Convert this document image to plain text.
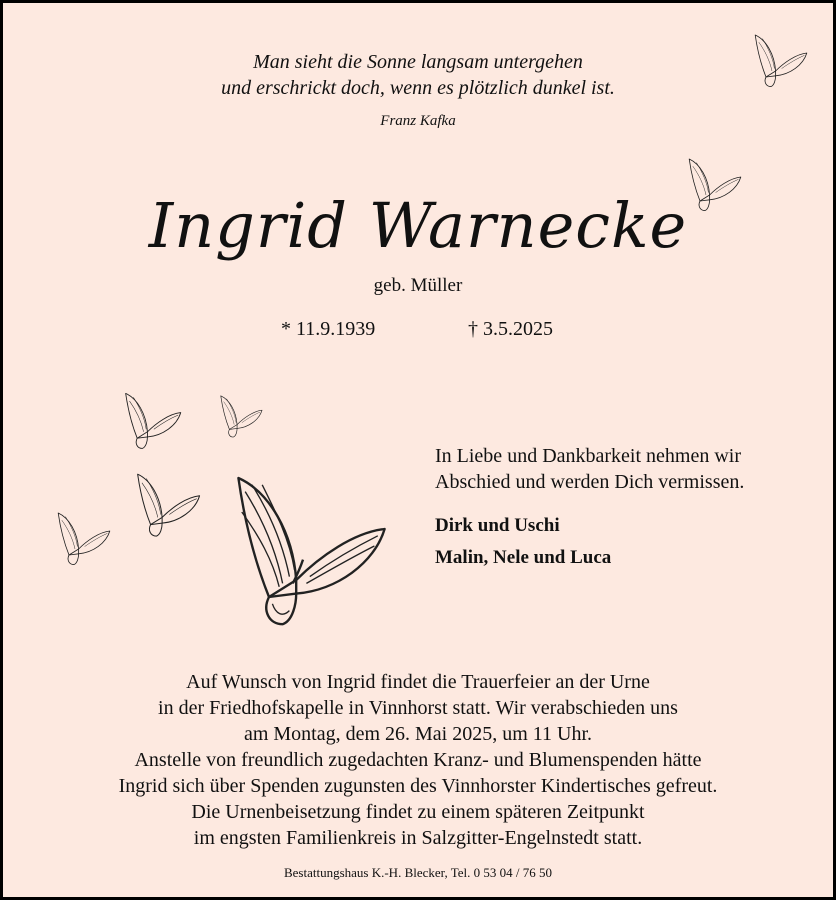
Man sieht die Sonne langsam untergehen
und erschrickt doch, wenn es plötzlich dunkel ist.
Franz Kafka
Ingrid Warnecke
geb. Müller
* 11.9.1939	† 3.5.2025
In Liebe und Dankbarkeit nehmen wir
Abschied und werden Dich vermissen.
Dirk und Uschi
Malin, Nele und Luca
Auf Wunsch von Ingrid findet die Trauerfeier an der Urne
in der Friedhofskapelle in Vinnhorst statt. Wir verabschieden uns
am Montag, dem 26. Mai 2025, um 11 Uhr.
Anstelle von freundlich zugedachten Kranz- und Blumenspenden hätte
Ingrid sich über Spenden zugunsten des Vinnhorster Kindertisches gefreut.
Die Urnenbeisetzung findet zu einem späteren Zeitpunkt
im engsten Familienkreis in Salzgitter-Engelnstedt statt.
Bestattungshaus K.-H. Blecker, Tel. 0 53 04 / 76 50
